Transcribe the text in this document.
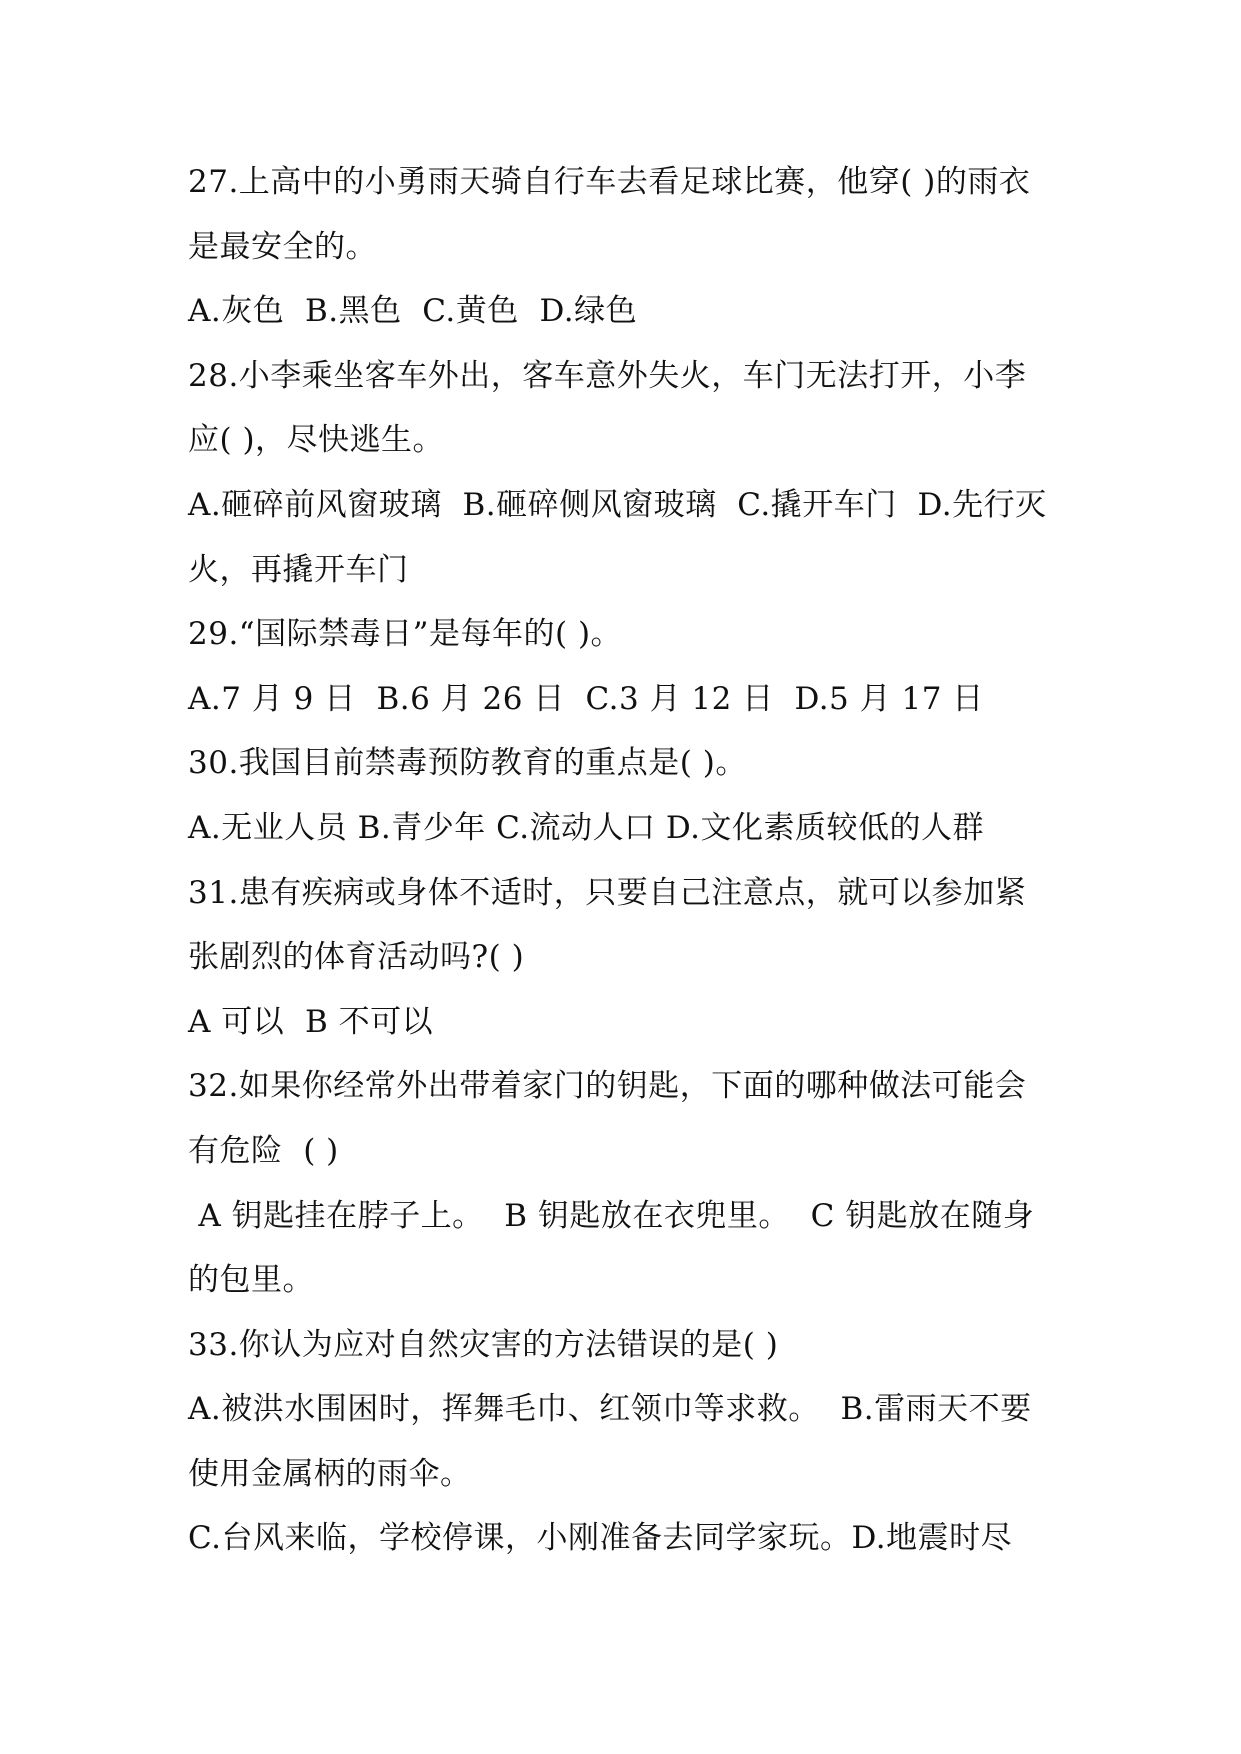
27.上高中的小勇雨天骑自行车去看足球比赛，他穿( )的雨衣
是最安全的。
A.灰色  B.黑色  C.黄色  D.绿色
28.小李乘坐客车外出，客车意外失火，车门无法打开，小李
应( )，尽快逃生。
A.砸碎前风窗玻璃  B.砸碎侧风窗玻璃  C.撬开车门  D.先行灭
火，再撬开车门
29.“国际禁毒日”是每年的( )。
A.7 月 9 日  B.6 月 26 日  C.3 月 12 日  D.5 月 17 日
30.我国目前禁毒预防教育的重点是( )。
A.无业人员 B.青少年 C.流动人口 D.文化素质较低的人群
31.患有疾病或身体不适时，只要自己注意点，就可以参加紧
张剧烈的体育活动吗?( )
A 可以  B 不可以
32.如果你经常外出带着家门的钥匙，下面的哪种做法可能会
有危险  ( )
A 钥匙挂在脖子上。  B 钥匙放在衣兜里。  C 钥匙放在随身
的包里。
33.你认为应对自然灾害的方法错误的是( )
A.被洪水围困时，挥舞毛巾、红领巾等求救。  B.雷雨天不要
使用金属柄的雨伞。
C.台风来临，学校停课，小刚准备去同学家玩。D.地震时尽
